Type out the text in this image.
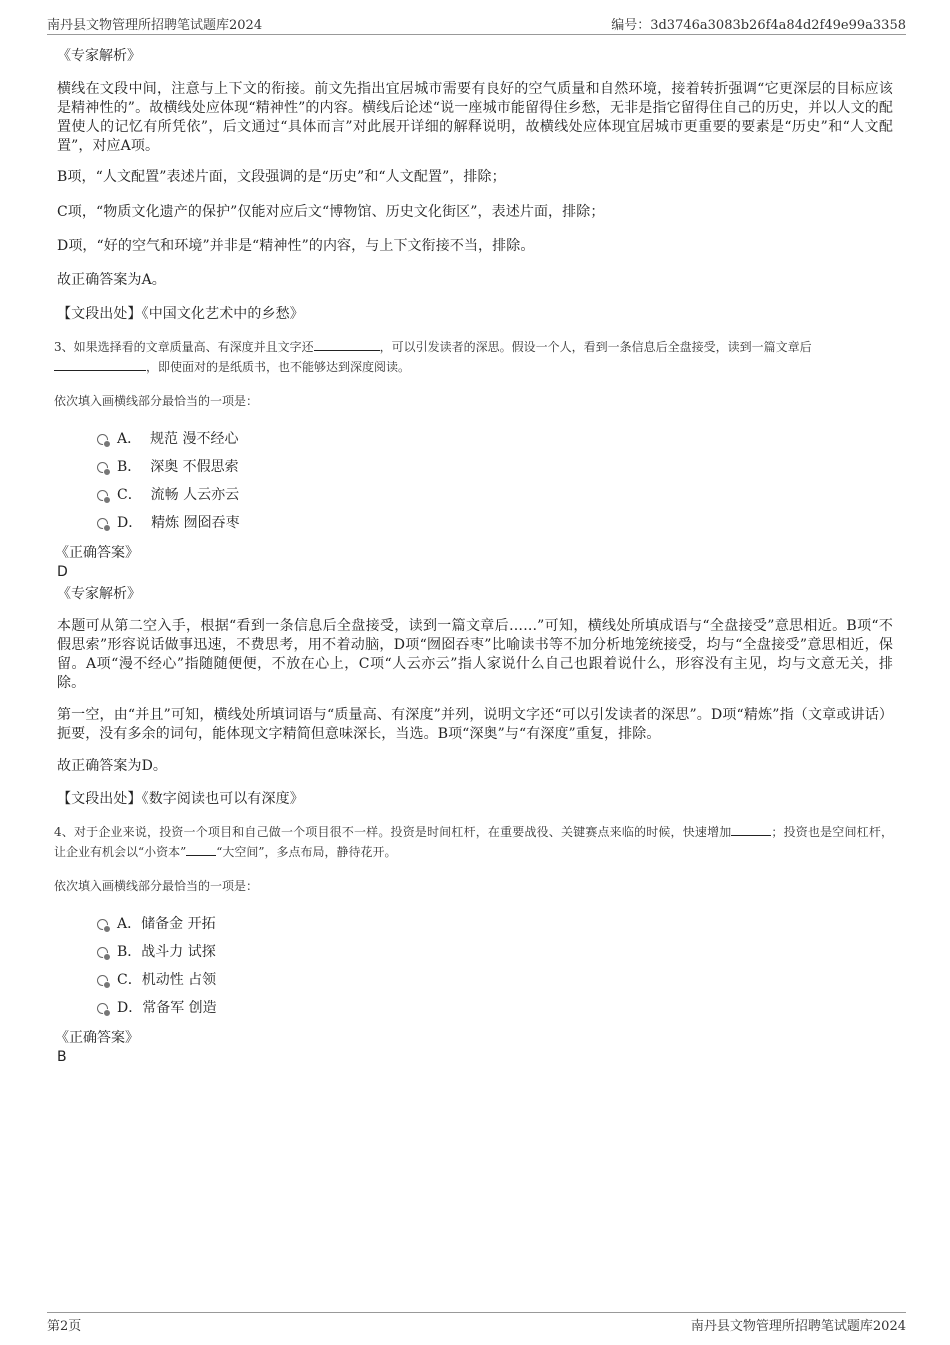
南丹县文物管理所招聘笔试题库2024	编号：3d3746a3083b26f4a84d2f49e99a3358

《专家解析》

横线在文段中间，注意与上下文的衔接。前文先指出宜居城市需要有良好的空气质量和自然环境，接着转折强调“它更深层的目标应该是精神性的”。故横线处应体现“精神性”的内容。横线后论述“说一座城市能留得住乡愁，无非是指它留得住自己的历史，并以人文的配置使人的记忆有所凭依”，后文通过“具体而言”对此展开详细的解释说明，故横线处应体现宜居城市更重要的要素是“历史”和“人文配置”，对应A项。

B项，“人文配置”表述片面，文段强调的是“历史”和“人文配置”，排除；

C项，“物质文化遗产的保护”仅能对应后文“博物馆、历史文化街区”，表述片面，排除；

D项，“好的空气和环境”并非是“精神性”的内容，与上下文衔接不当，排除。

故正确答案为A。

【文段出处】《中国文化艺术中的乡愁》

3、如果选择看的文章质量高、有深度并且文字还	，可以引发读者的深思。假设一个人，看到一条信息后全盘接受，读到一篇文章后
，即使面对的是纸质书，也不能够达到深度阅读。

依次填入画横线部分最恰当的一项是：

A． 规范 漫不经心
B． 深奥 不假思索
C． 流畅 人云亦云
D． 精炼 囫囵吞枣

《正确答案》

D

《专家解析》

本题可从第二空入手，根据“看到一条信息后全盘接受，读到一篇文章后……”可知，横线处所填成语与“全盘接受”意思相近。B项“不假思索”形容说话做事迅速，不费思考，用不着动脑，D项“囫囵吞枣”比喻读书等不加分析地笼统接受，均与“全盘接受”意思相近，保留。A项“漫不经心”指随随便便，不放在心上，C项“人云亦云”指人家说什么自己也跟着说什么，形容没有主见，均与文意无关，排除。

第一空，由“并且”可知，横线处所填词语与“质量高、有深度”并列，说明文字还“可以引发读者的深思”。D项“精炼”指（文章或讲话）扼要，没有多余的词句，能体现文字精简但意味深长，当选。B项“深奥”与“有深度”重复，排除。

故正确答案为D。

【文段出处】《数字阅读也可以有深度》

4、对于企业来说，投资一个项目和自己做一个项目很不一样。投资是时间杠杆，在重要战役、关键赛点来临的时候，快速增加	；投资也是空间杠杆，让企业有机会以“小资本”	“大空间”，多点布局，静待花开。

依次填入画横线部分最恰当的一项是：

A．储备金 开拓
B．战斗力 试探
C．机动性 占领
D．常备军 创造

《正确答案》

B

第2页	南丹县文物管理所招聘笔试题库2024
